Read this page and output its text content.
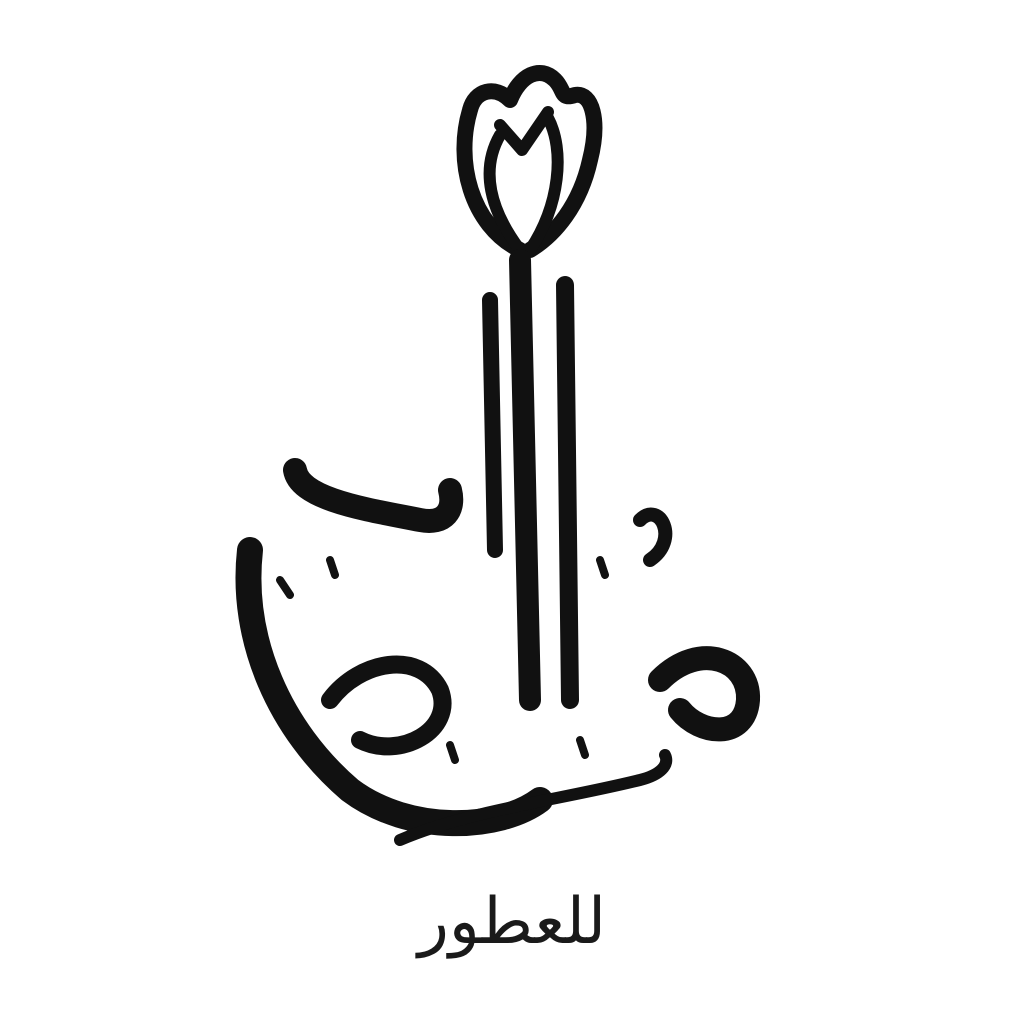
للعطور
